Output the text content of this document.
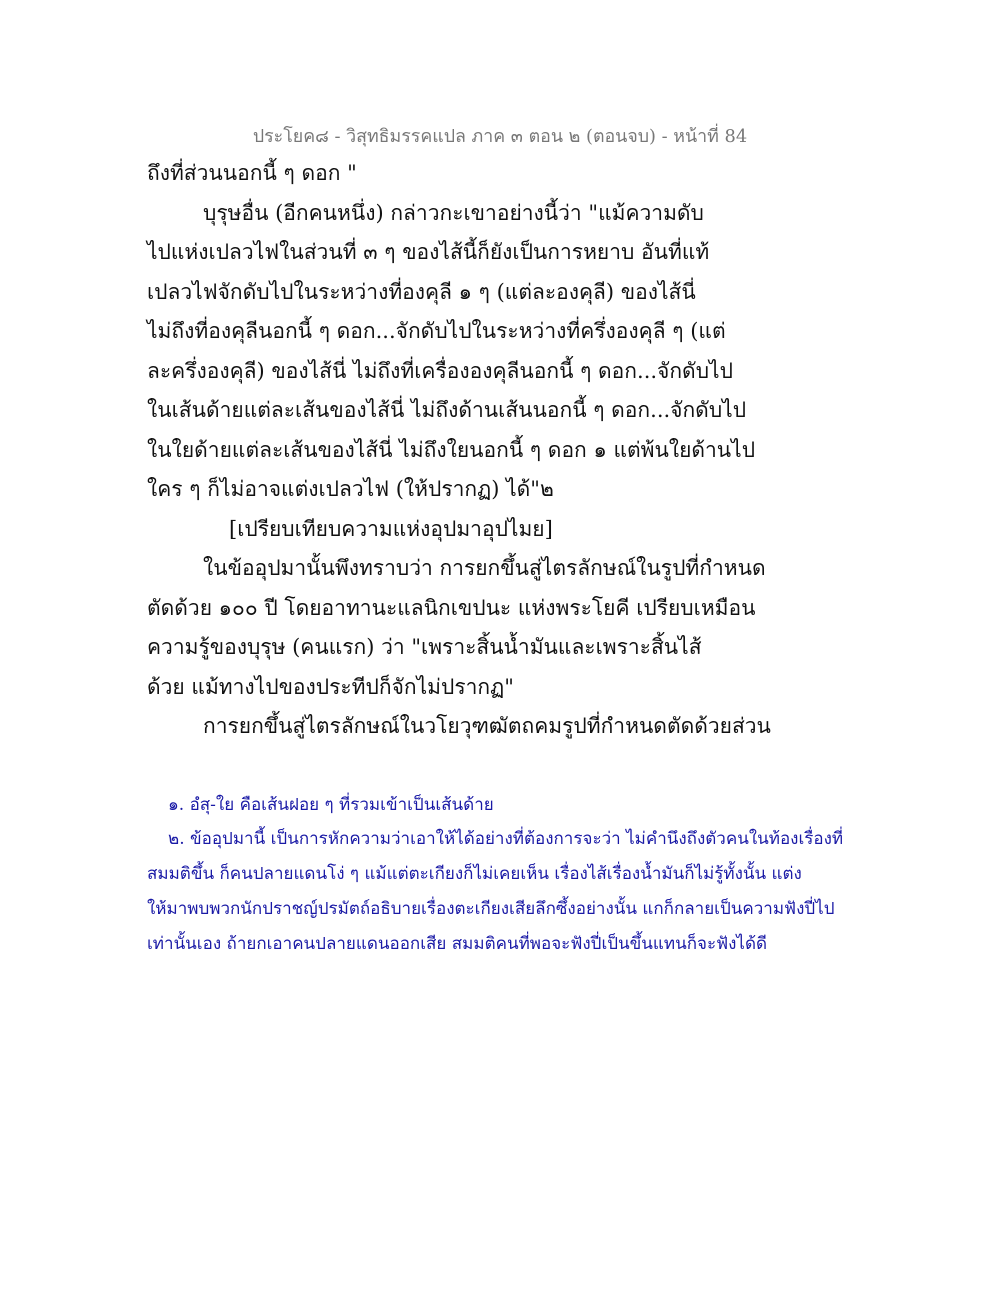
ประโยค๘ - วิสุทธิมรรคแปล ภาค ๓ ตอน ๒ (ตอนจบ) - หน้าที่ 84
ถึงที่ส่วนนอกนี้ ๆ ดอก "
บุรุษอื่น (อีกคนหนึ่ง) กล่าวกะเขาอย่างนี้ว่า "แม้ความดับ
ไปแห่งเปลวไฟในส่วนที่ ๓ ๆ ของไส้นี้ก็ยังเป็นการหยาบ อันที่แท้
เปลวไฟจักดับไปในระหว่างที่องคุลี ๑ ๆ (แต่ละองคุลี) ของไส้นี่
ไม่ถึงที่องคุลีนอกนี้ ๆ ดอก...จักดับไปในระหว่างที่ครึ่งองคุลี ๆ (แต่
ละครึ่งองคุลี) ของไส้นี่ ไม่ถึงที่เครื่ององคุลีนอกนี้ ๆ ดอก...จักดับไป
ในเส้นด้ายแต่ละเส้นของไส้นี่ ไม่ถึงด้านเส้นนอกนี้ ๆ ดอก...จักดับไป
ในใยด้ายแต่ละเส้นของไส้นี่ ไม่ถึงใยนอกนี้ ๆ ดอก ๑ แต่พ้นใยด้านไป
ใคร ๆ ก็ไม่อาจแต่งเปลวไฟ (ให้ปรากฏ) ได้"๒
[เปรียบเทียบความแห่งอุปมาอุปไมย]
ในข้ออุปมานั้นพึงทราบว่า การยกขึ้นสู่ไตรลักษณ์ในรูปที่กำหนด
ตัดด้วย ๑๐๐ ปี โดยอาทานะแลนิกเขปนะ แห่งพระโยคี เปรียบเหมือน
ความรู้ของบุรุษ (คนแรก) ว่า "เพราะสิ้นน้ำมันและเพราะสิ้นไส้
ด้วย แม้ทางไปของประทีปก็จักไม่ปรากฏ"
การยกขึ้นสู่ไตรลักษณ์ในวโยวุฑฒัตถคมรูปที่กำหนดตัดด้วยส่วน
๑. อํสุ-ใย คือเส้นฝอย ๆ ที่รวมเข้าเป็นเส้นด้าย
๒. ข้ออุปมานี้ เป็นการหักความว่าเอาให้ได้อย่างที่ต้องการจะว่า ไม่คำนึงถึงตัวคนในท้องเรื่องที่
สมมติขึ้น ก็คนปลายแดนโง่ ๆ แม้แต่ตะเกียงก็ไม่เคยเห็น เรื่องไส้เรื่องน้ำมันก็ไม่รู้ทั้งนั้น แต่ง
ให้มาพบพวกนักปราชญ์ปรมัตถ์อธิบายเรื่องตะเกียงเสียลึกซึ้งอย่างนั้น แกก็กลายเป็นความฟังปี่ไป
เท่านั้นเอง ถ้ายกเอาคนปลายแดนออกเสีย สมมติคนที่พอจะฟังปี่เป็นขึ้นแทนก็จะฟังได้ดี
